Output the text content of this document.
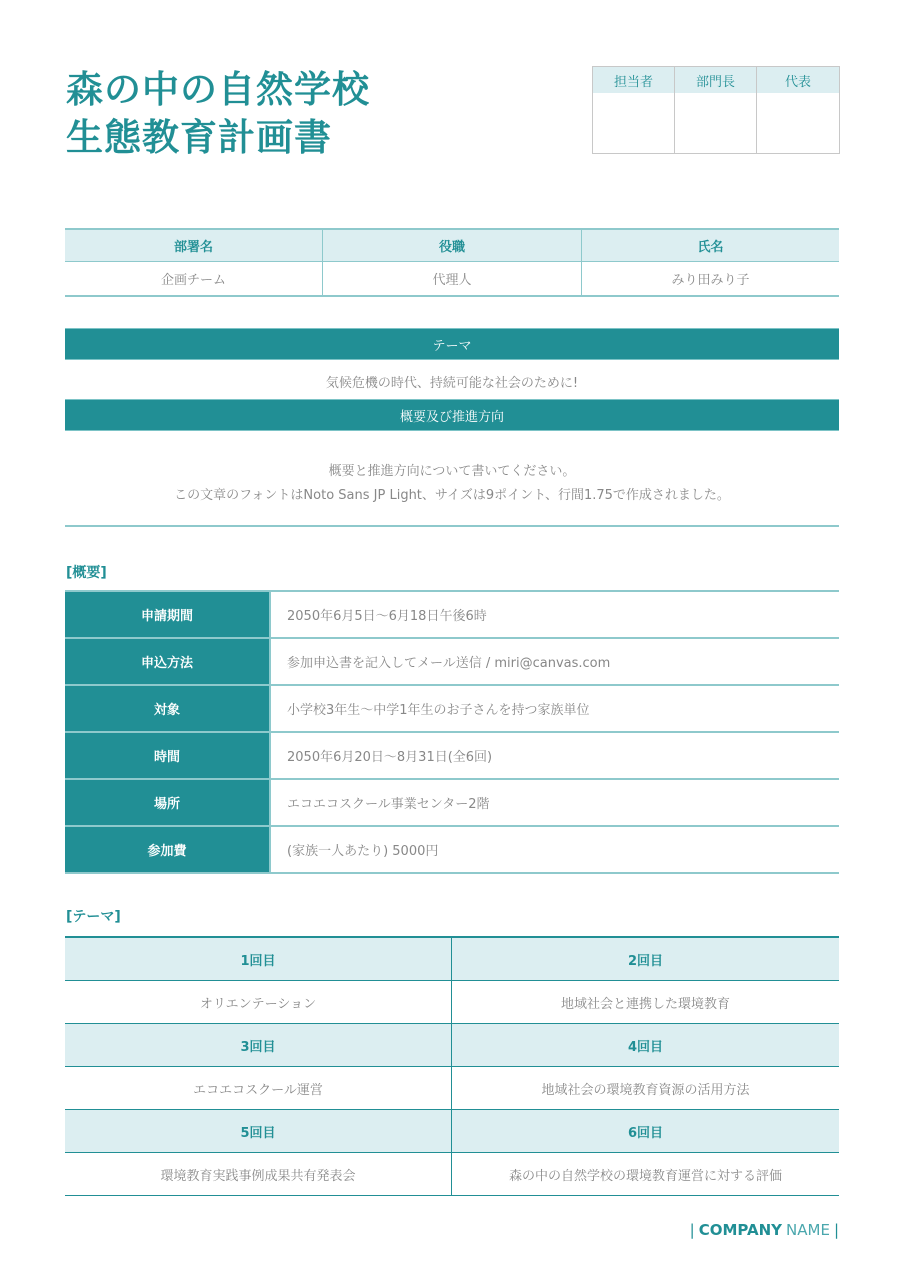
森の中の自然学校
生態教育計画書
担当者	部門長	代表
部署名	役職	氏名
企画チーム	代理人	みり田みり子
テーマ
気候危機の時代、持続可能な社会のために!
概要及び推進方向
概要と推進方向について書いてください。
この文章のフォントはNoto Sans JP Light、サイズは9ポイント、行間1.75で作成されました。
[概要]
申請期間	2050年6月5日～6月18日午後6時
申込方法	参加申込書を記入してメール送信 / miri@canvas.com
対象	小学校3年生～中学1年生のお子さんを持つ家族単位
時間	2050年6月20日～8月31日(全6回)
場所	エコエコスクール事業センター2階
参加費	(家族一人あたり) 5000円
[テーマ]
1回目	2回目
オリエンテーション	地域社会と連携した環境教育
3回目	4回目
エコエコスクール運営	地域社会の環境教育資源の活用方法
5回目	6回目
環境教育実践事例成果共有発表会	森の中の自然学校の環境教育運営に対する評価
| COMPANY NAME |
